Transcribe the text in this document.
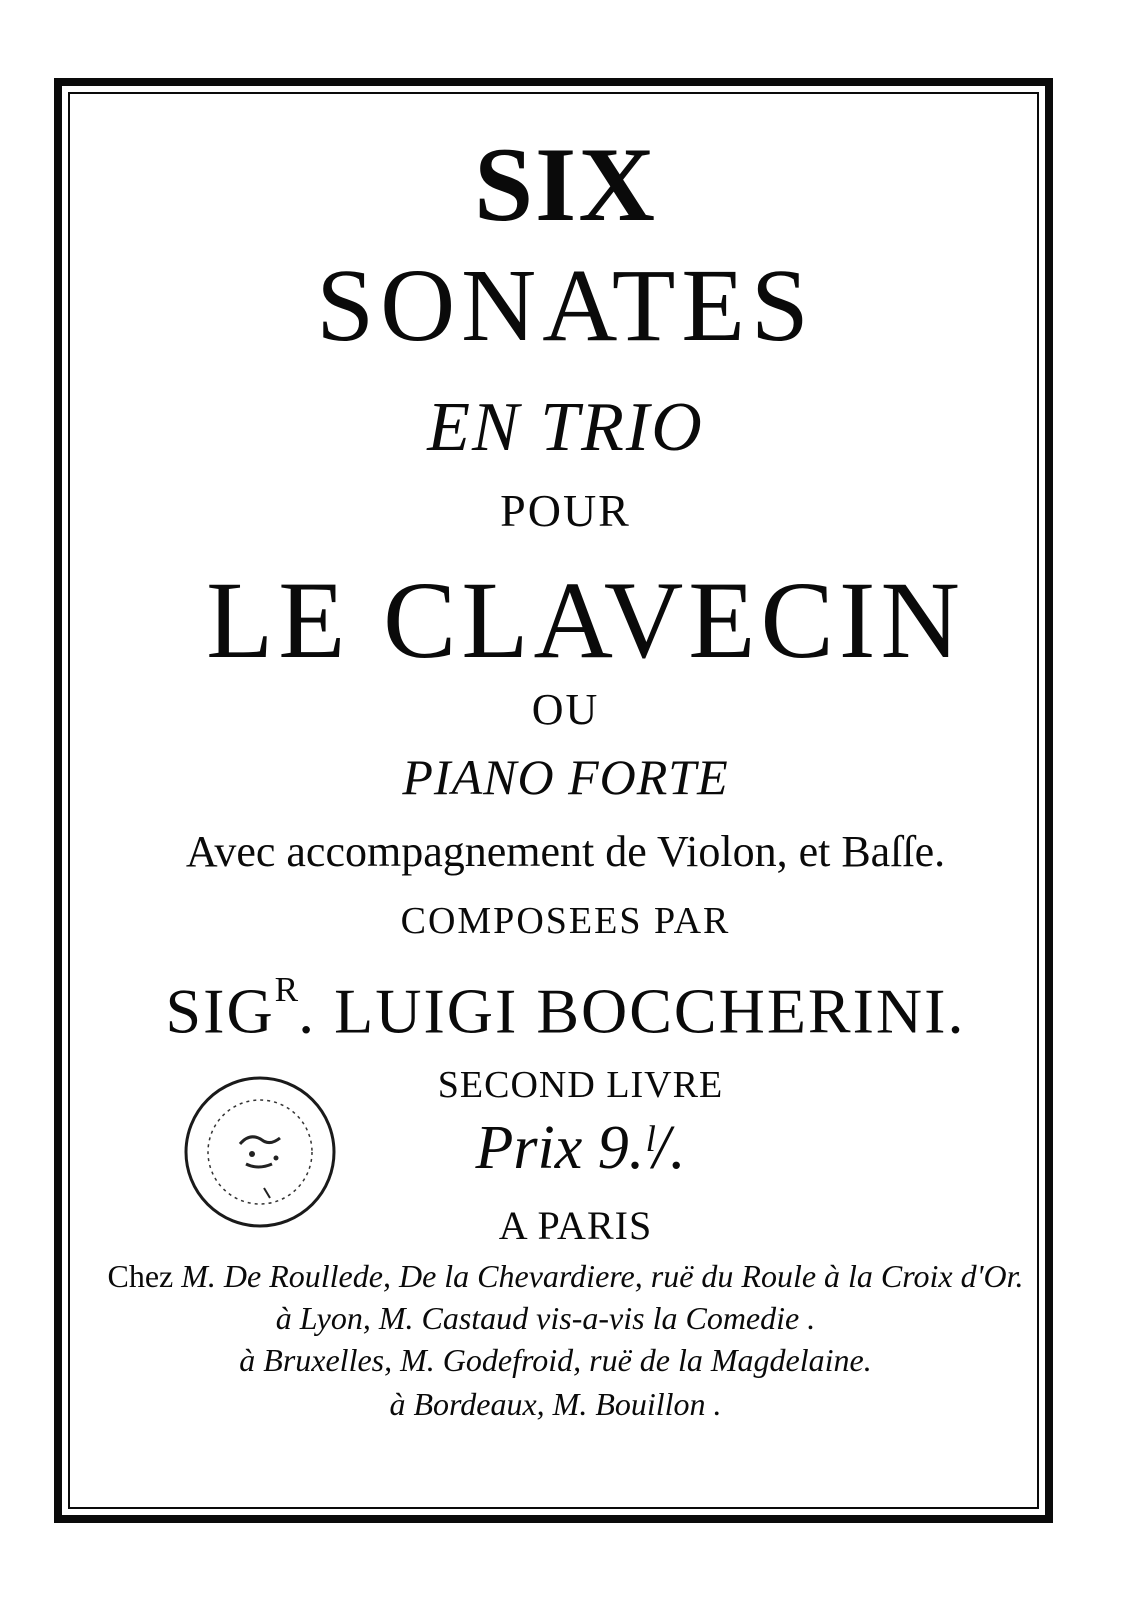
SIX
SONATES
EN TRIO
POUR
LE CLAVECIN
OU
PIANO FORTE
Avec accompagnement de Violon, et Baſſe.
COMPOSEES PAR
$SIG^R$. LUIGI BOCCHERINI.
SECOND LIVRE
Prix 9.ˡ/.
A PARIS
Chez M. De Roullede, De la Chevardiere, ruë du Roule à la Croix d'Or.
à Lyon, M. Castaud vis-a-vis la Comedie .
à Bruxelles, M. Godefroid, ruë de la Magdelaine.
à Bordeaux, M. Bouillon .
